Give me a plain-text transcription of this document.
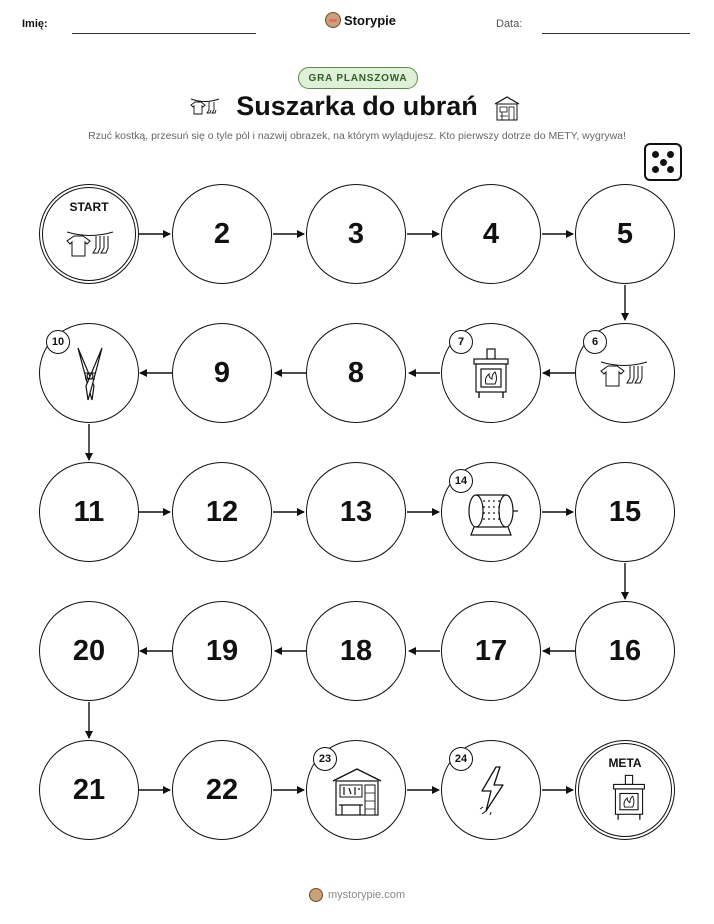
Imię:	Storypie	Data:
GRA PLANSZOWA
Suszarka do ubrań
Rzuć kostką, przesuń się o tyle pól i nazwij obrazek, na którym wylądujesz. Kto pierwszy dotrze do METY, wygrywa!
START
2	3	4	5
6
7
8
9
10
11	12	13
14
15
16
17
18
19
20
21	22
23	24	META
mystorypie.com
